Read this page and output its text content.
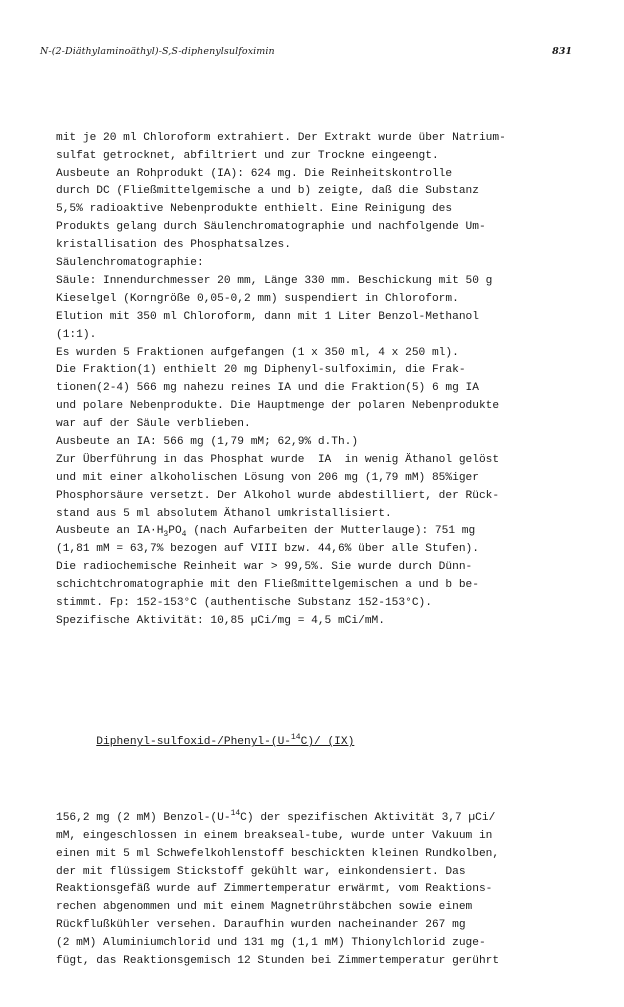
N-(2-Diäthylaminoäthyl)-S,S-diphenylsulfoximin	831

mit je 20 ml Chloroform extrahiert. Der Extrakt wurde über Natrium-
sulfat getrocknet, abfiltriert und zur Trockne eingeengt.
Ausbeute an Rohprodukt (IA): 624 mg. Die Reinheitskontrolle
durch DC (Fließmittelgemische a und b) zeigte, daß die Substanz
5,5% radioaktive Nebenprodukte enthielt. Eine Reinigung des
Produkts gelang durch Säulenchromatographie und nachfolgende Um-
kristallisation des Phosphatsalzes.
Säulenchromatographie:
Säule: Innendurchmesser 20 mm, Länge 330 mm. Beschickung mit 50 g
Kieselgel (Korngröße 0,05-0,2 mm) suspendiert in Chloroform.
Elution mit 350 ml Chloroform, dann mit 1 Liter Benzol-Methanol
(1:1).
Es wurden 5 Fraktionen aufgefangen (1 x 350 ml, 4 x 250 ml).
Die Fraktion(1) enthielt 20 mg Diphenyl-sulfoximin, die Frak-
tionen(2-4) 566 mg nahezu reines IA und die Fraktion(5) 6 mg IA
und polare Nebenprodukte. Die Hauptmenge der polaren Nebenprodukte
war auf der Säule verblieben.
Ausbeute an IA: 566 mg (1,79 mM; 62,9% d.Th.)
Zur Überführung in das Phosphat wurde  IA  in wenig Äthanol gelöst
und mit einer alkoholischen Lösung von 206 mg (1,79 mM) 85%iger
Phosphorsäure versetzt. Der Alkohol wurde abdestilliert, der Rück-
stand aus 5 ml absolutem Äthanol umkristallisiert.
Ausbeute an $IA\cdot H_3PO_4$ (nach Aufarbeiten der Mutterlauge): 751 mg
(1,81 mM = 63,7% bezogen auf VIII bzw. 44,6% über alle Stufen).
Die radiochemische Reinheit war > 99,5%. Sie wurde durch Dünn-
schichtchromatographie mit den Fließmittelgemischen a und b be-
stimmt. Fp: 152-153°C (authentische Substanz 152-153°C).
Spezifische Aktivität: 10,85 µCi/mg = 4,5 mCi/mM.

Diphenyl-sulfoxid-/Phenyl-(U-$^{14}$C)/ (IX)

156,2 mg (2 mM) Benzol-(U-$^{14}$C) der spezifischen Aktivität 3,7 µCi/
mM, eingeschlossen in einem breakseal-tube, wurde unter Vakuum in
einen mit 5 ml Schwefelkohlenstoff beschickten kleinen Rundkolben,
der mit flüssigem Stickstoff gekühlt war, einkondensiert. Das
Reaktionsgefäß wurde auf Zimmertemperatur erwärmt, vom Reaktions-
rechen abgenommen und mit einem Magnetrührstäbchen sowie einem
Rückflußkühler versehen. Daraufhin wurden nacheinander 267 mg
(2 mM) Aluminiumchlorid und 131 mg (1,1 mM) Thionylchlorid zuge-
fügt, das Reaktionsgemisch 12 Stunden bei Zimmertemperatur gerührt
